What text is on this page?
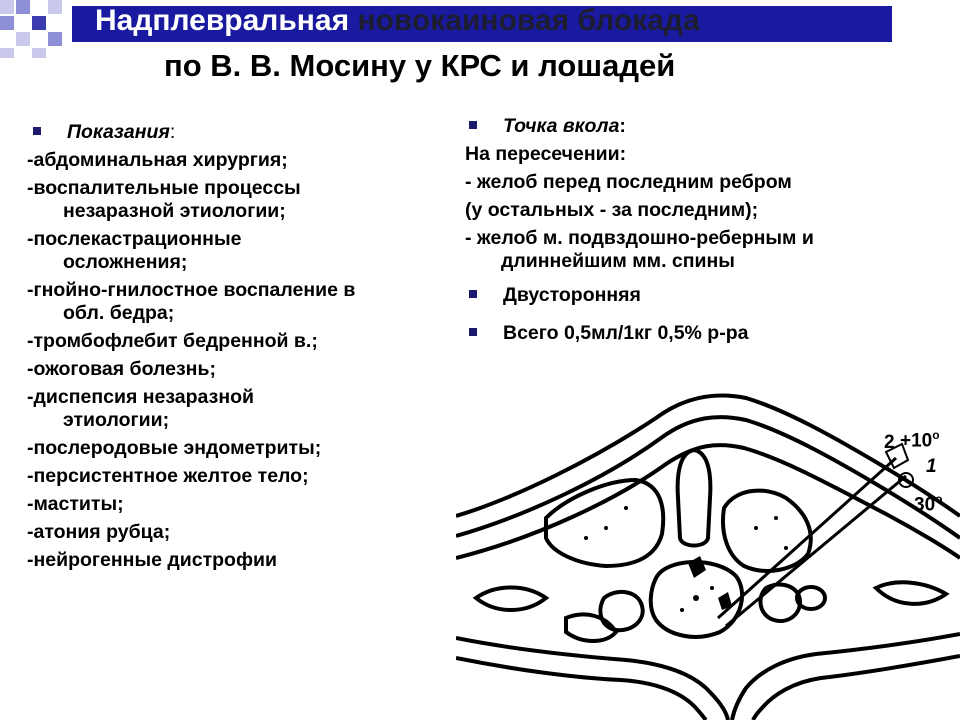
Надплевральная новокаиновая блокада
по В. В. Мосину у КРС и лошадей
Показания:
-абдоминальная хирургия;
-воспалительные процессы
незаразной этиологии;
-послекастрационные
осложнения;
-гнойно-гнилостное воспаление в
обл. бедра;
-тромбофлебит бедренной в.;
-ожоговая болезнь;
-диспепсия незаразной
этиологии;
-послеродовые эндометриты;
-персистентное желтое тело;
-маститы;
-атония рубца;
-нейрогенные дистрофии
Точка вкола:
На пересечении:
- желоб перед последним ребром
(у остальных - за последним);
- желоб м. подвздошно-реберным и
длиннейшим мм. спины
Двусторонняя
Всего 0,5мл/1кг 0,5% р-ра
$2 +10^o$
1
30$^o$
